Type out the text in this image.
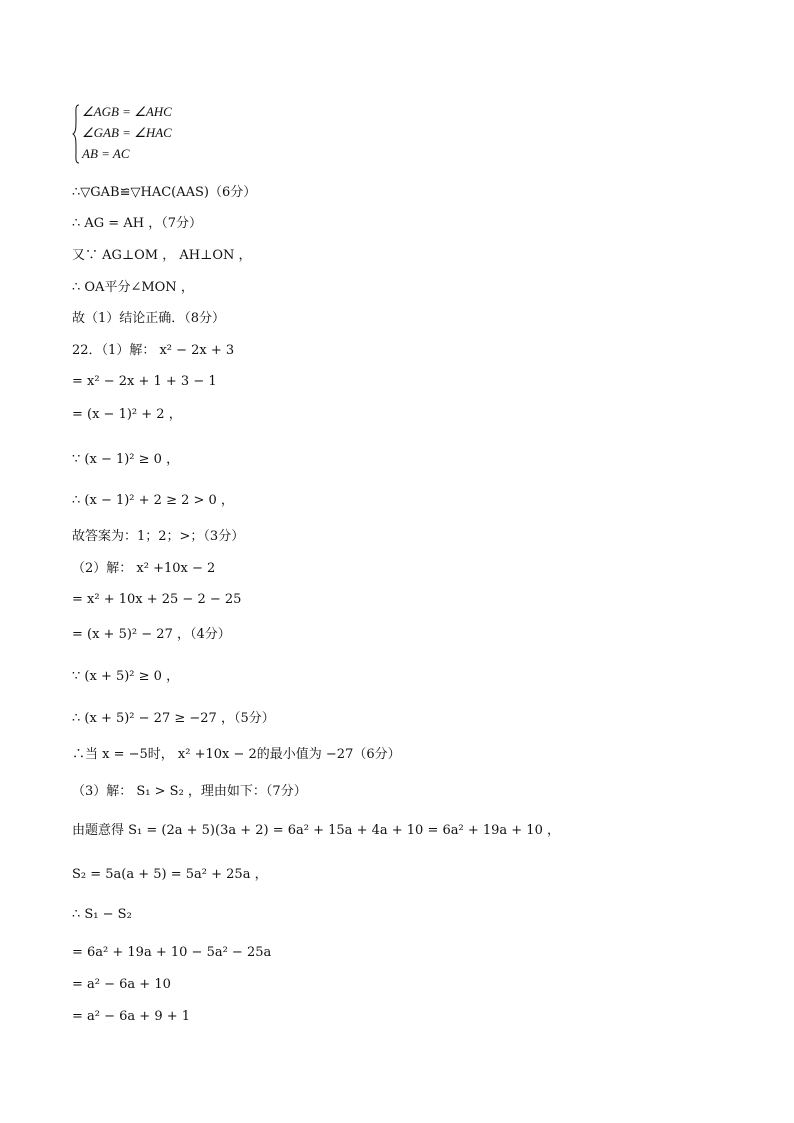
∠AGB = ∠AHC
∠GAB = ∠HAC
AB = AC
∴▽GAB≌▽HAC(AAS)（6分）
∴ AG = AH ，（7分）
又∵ AG⊥OM ， AH⊥ON ，
∴ OA平分∠MON ，
故（1）结论正确．（8分）
22．（1）解： x² − 2x + 3
= x² − 2x + 1 + 3 − 1
= (x − 1)² + 2 ，
∵ (x − 1)² ≥ 0 ，
∴ (x − 1)² + 2 ≥ 2 > 0 ，
故答案为：1；2；>；（3分）
（2）解： x² +10x − 2
= x² + 10x + 25 − 2 − 25
= (x + 5)² − 27 ，（4分）
∵ (x + 5)² ≥ 0 ，
∴ (x + 5)² − 27 ≥ −27 ，（5分）
∴当 x = −5时， x² +10x − 2的最小值为 −27（6分）
（3）解： S₁ > S₂ ，理由如下：（7分）
由题意得 S₁ = (2a + 5)(3a + 2) = 6a² + 15a + 4a + 10 = 6a² + 19a + 10 ，
S₂ = 5a(a + 5) = 5a² + 25a ，
∴ S₁ − S₂
= 6a² + 19a + 10 − 5a² − 25a
= a² − 6a + 10
= a² − 6a + 9 + 1
